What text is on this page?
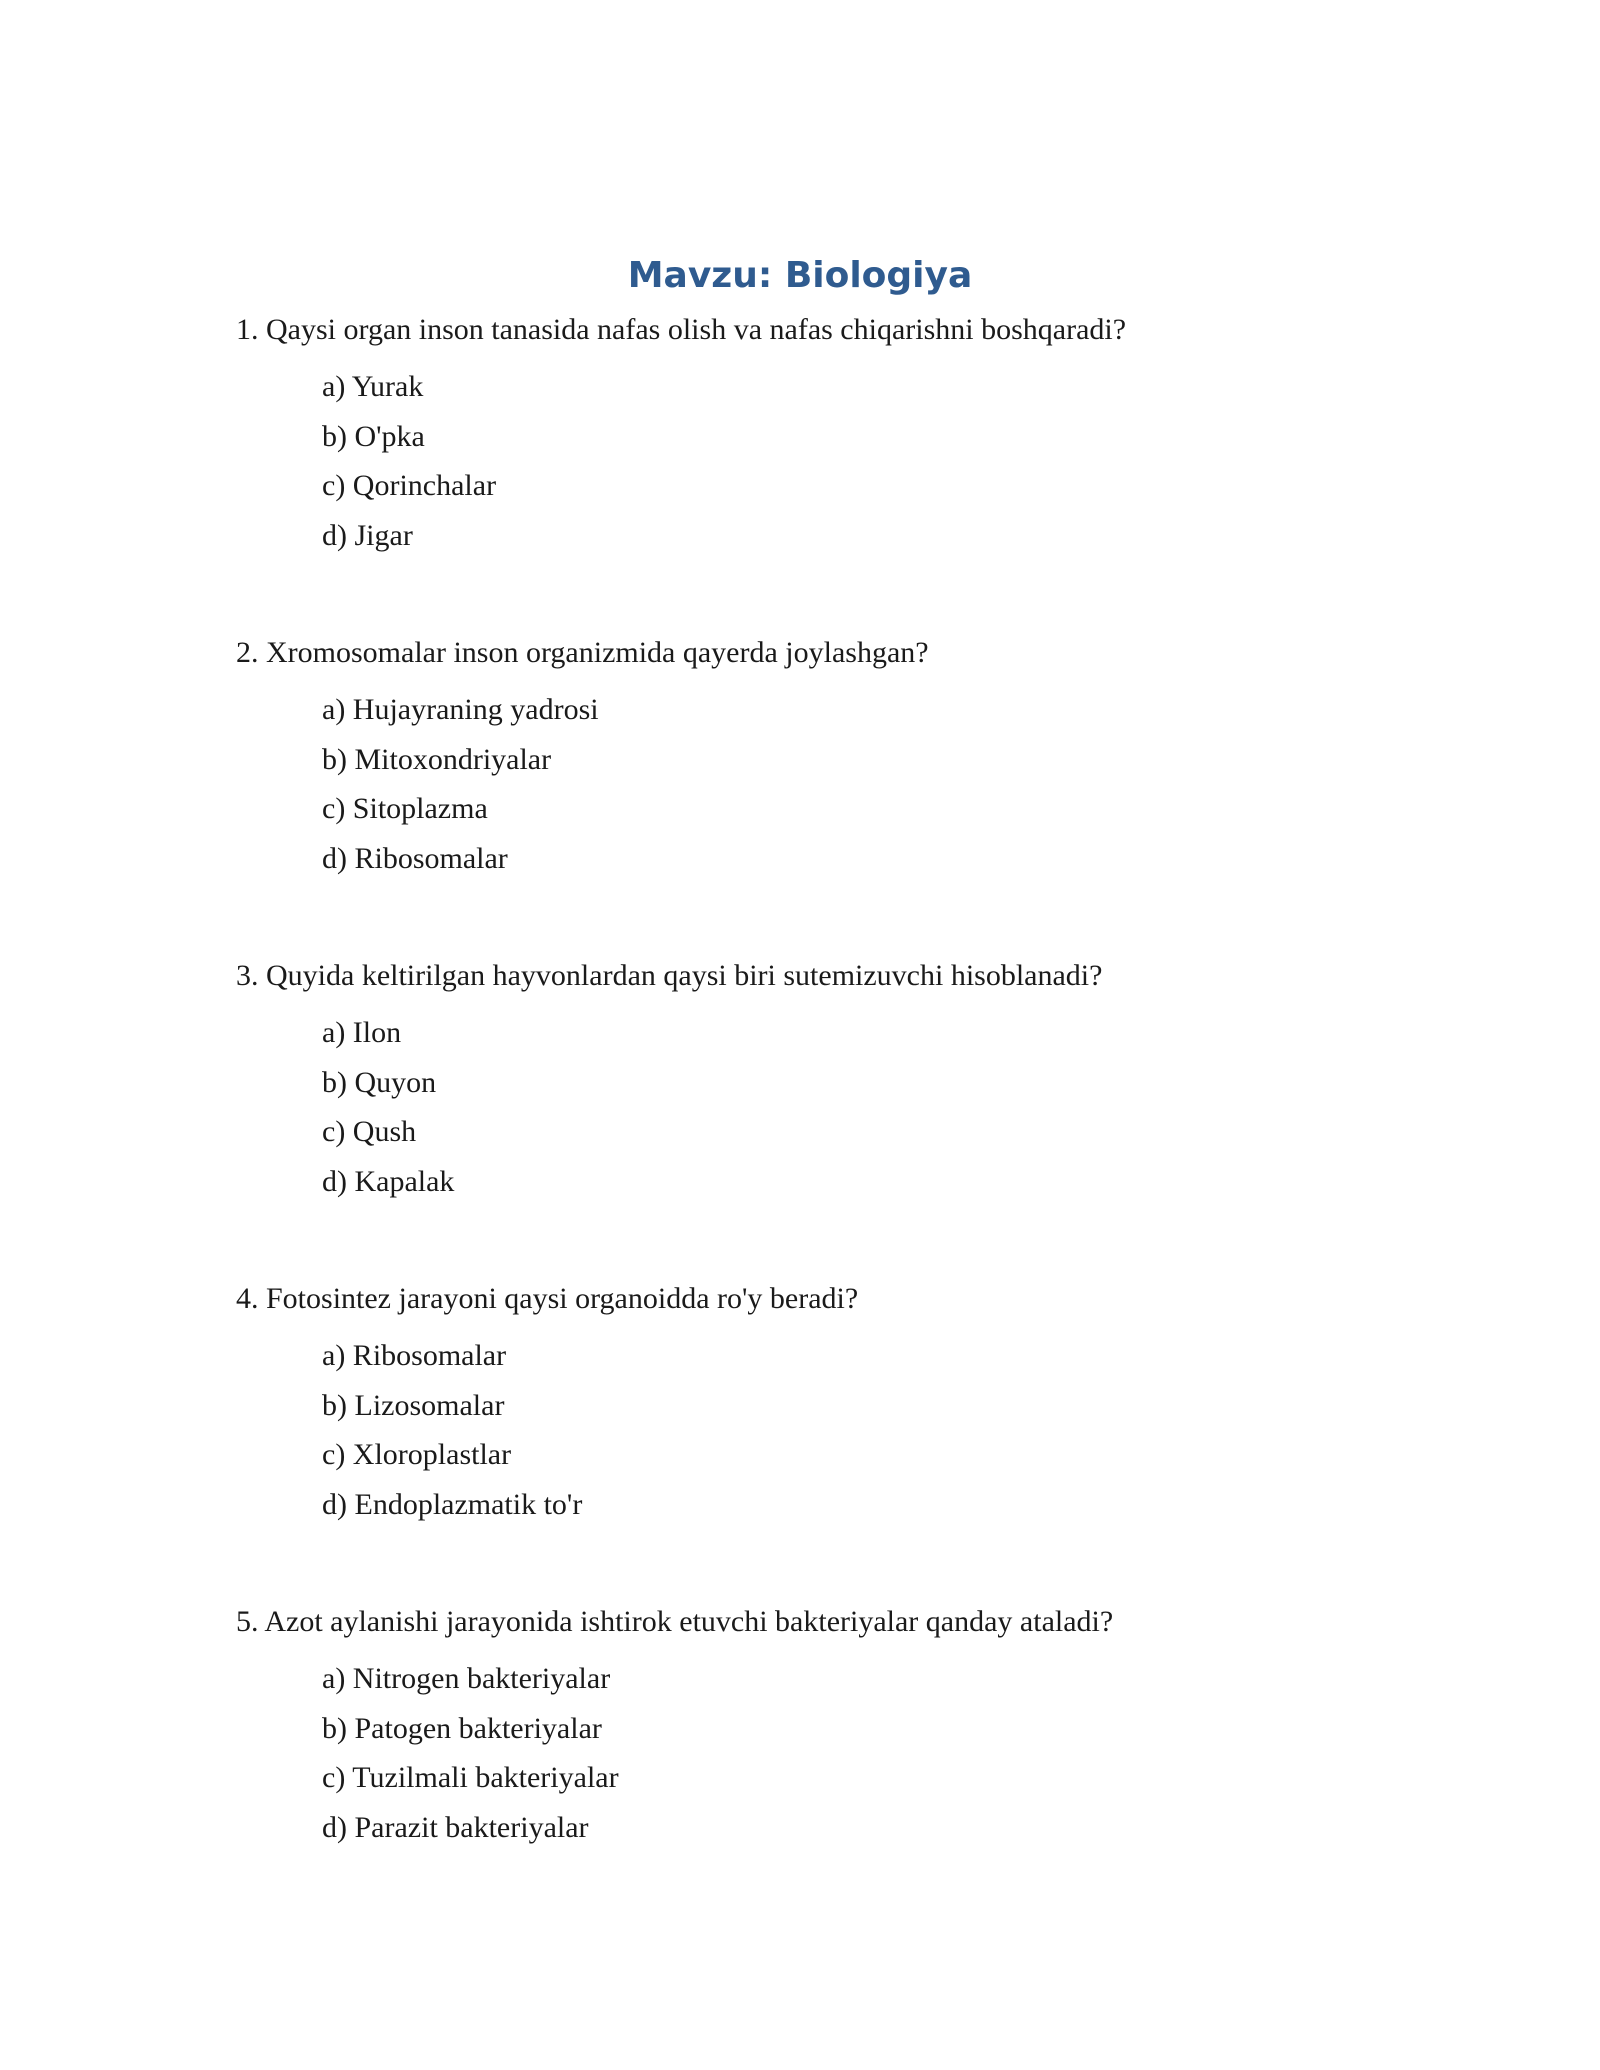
Mavzu: Biologiya

1. Qaysi organ inson tanasida nafas olish va nafas chiqarishni boshqaradi?

a) Yurak
b) O'pka
c) Qorinchalar
d) Jigar

2. Xromosomalar inson organizmida qayerda joylashgan?

a) Hujayraning yadrosi
b) Mitoxondriyalar
c) Sitoplazma
d) Ribosomalar

3. Quyida keltirilgan hayvonlardan qaysi biri sutemizuvchi hisoblanadi?

a) Ilon
b) Quyon
c) Qush
d) Kapalak

4. Fotosintez jarayoni qaysi organoidda ro'y beradi?

a) Ribosomalar
b) Lizosomalar
c) Xloroplastlar
d) Endoplazmatik to'r

5. Azot aylanishi jarayonida ishtirok etuvchi bakteriyalar qanday ataladi?

a) Nitrogen bakteriyalar
b) Patogen bakteriyalar
c) Tuzilmali bakteriyalar
d) Parazit bakteriyalar
